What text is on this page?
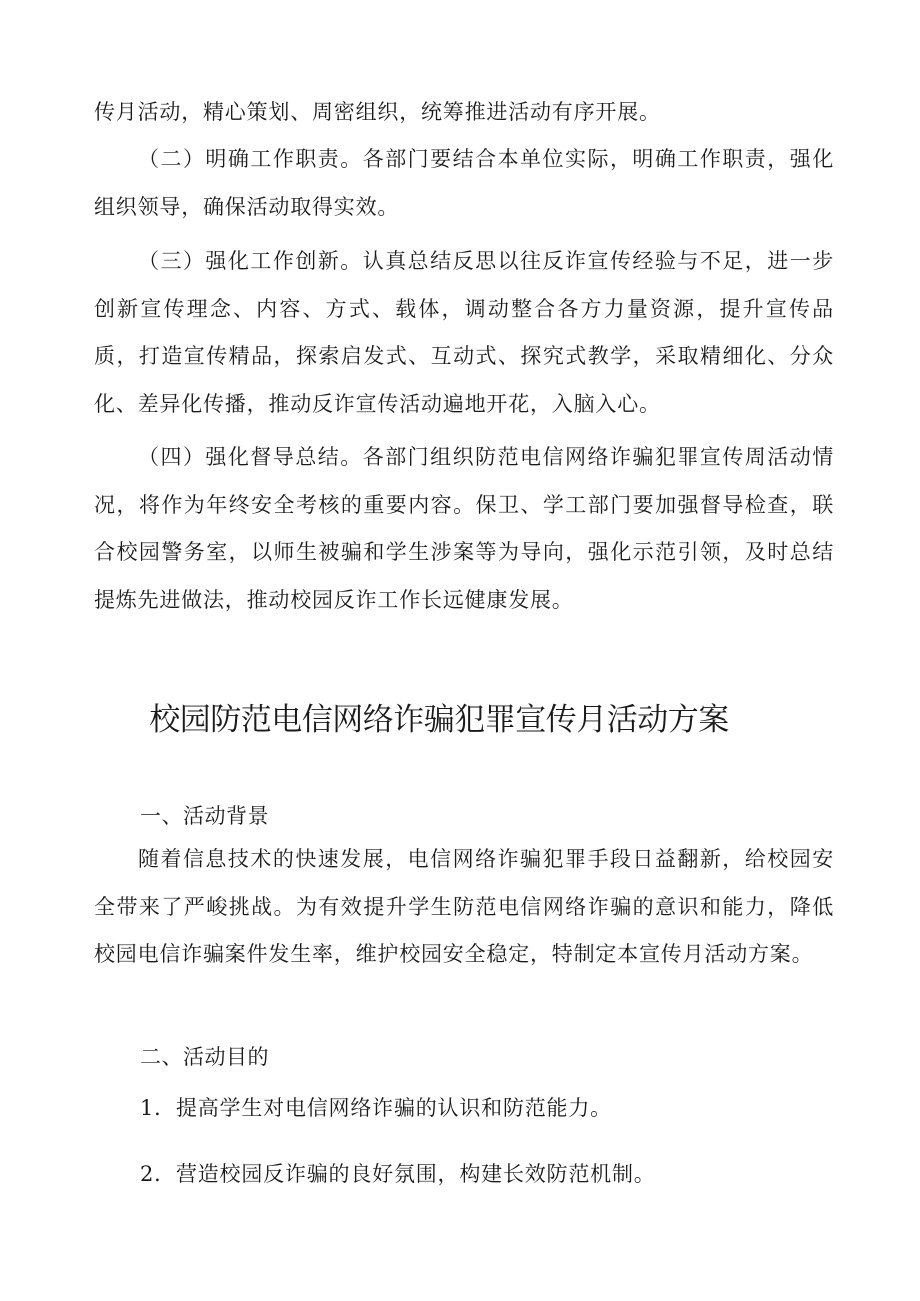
传月活动，精心策划、周密组织，统筹推进活动有序开展。

（二）明确工作职责。各部门要结合本单位实际，明确工作职责，强化组织领导，确保活动取得实效。

（三）强化工作创新。认真总结反思以往反诈宣传经验与不足，进一步创新宣传理念、内容、方式、载体，调动整合各方力量资源，提升宣传品质，打造宣传精品，探索启发式、互动式、探究式教学，采取精细化、分众化、差异化传播，推动反诈宣传活动遍地开花，入脑入心。

（四）强化督导总结。各部门组织防范电信网络诈骗犯罪宣传周活动情况，将作为年终安全考核的重要内容。保卫、学工部门要加强督导检查，联合校园警务室，以师生被骗和学生涉案等为导向，强化示范引领，及时总结提炼先进做法，推动校园反诈工作长远健康发展。

校园防范电信网络诈骗犯罪宣传月活动方案
一、活动背景

随着信息技术的快速发展，电信网络诈骗犯罪手段日益翻新，给校园安全带来了严峻挑战。为有效提升学生防范电信网络诈骗的意识和能力，降低校园电信诈骗案件发生率，维护校园安全稳定，特制定本宣传月活动方案。

二、活动目的

1．提高学生对电信网络诈骗的认识和防范能力。

2．营造校园反诈骗的良好氛围，构建长效防范机制。
